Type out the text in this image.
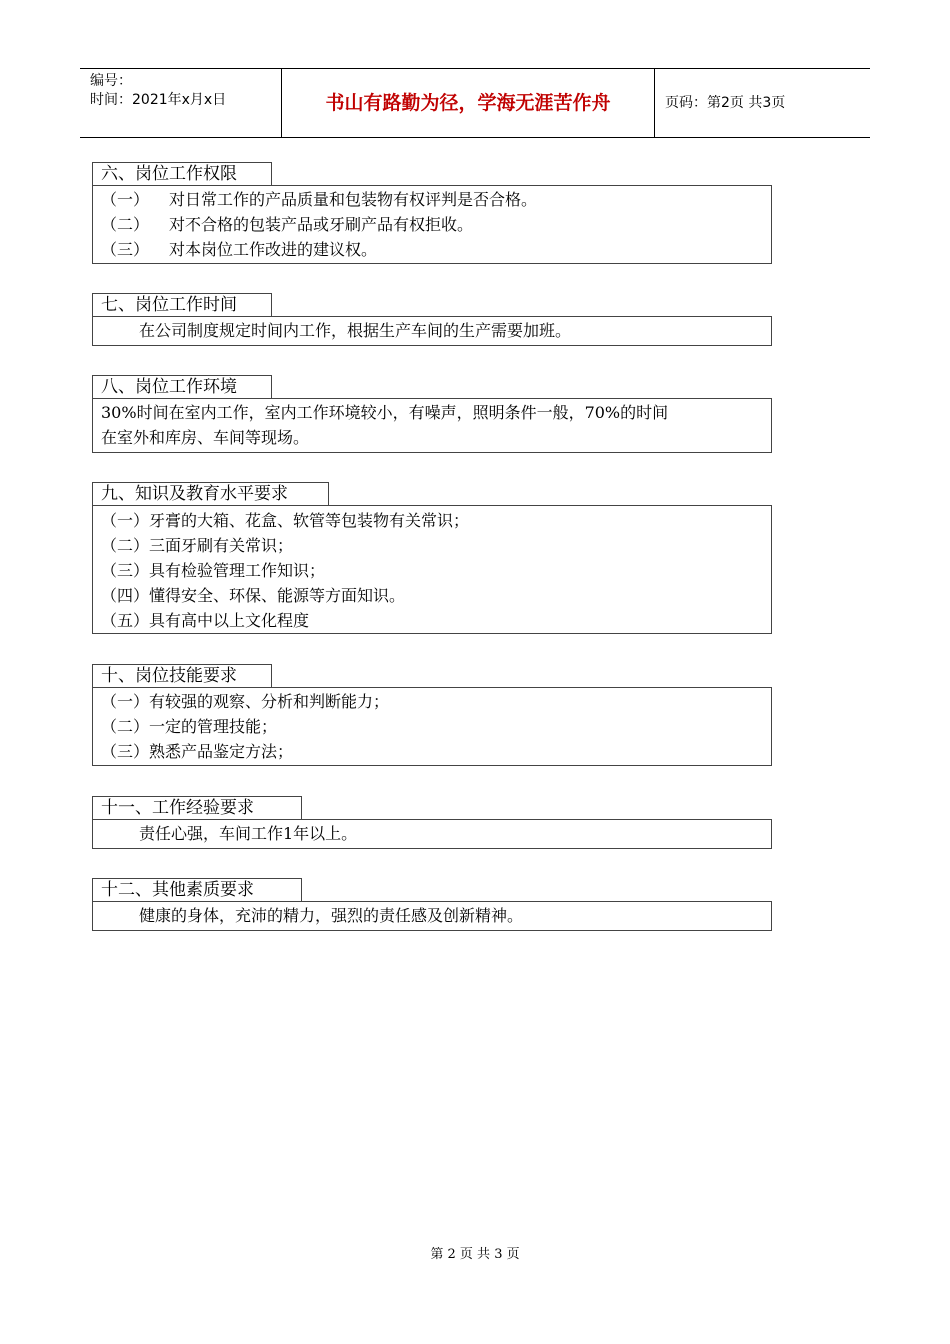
编号：
时间：2021年x月x日	书山有路勤为径，学海无涯苦作舟	页码：第2页 共3页
六、岗位工作权限
（一） 对日常工作的产品质量和包装物有权评判是否合格。
（二） 对不合格的包装产品或牙刷产品有权拒收。
（三） 对本岗位工作改进的建议权。
七、岗位工作时间
在公司制度规定时间内工作，根据生产车间的生产需要加班。
八、岗位工作环境
30%时间在室内工作，室内工作环境较小，有噪声，照明条件一般，70%的时间
在室外和库房、车间等现场。
九、知识及教育水平要求
（一）牙膏的大箱、花盒、软管等包装物有关常识；
（二）三面牙刷有关常识；
（三）具有检验管理工作知识；
（四）懂得安全、环保、能源等方面知识。
（五）具有高中以上文化程度
十、岗位技能要求
（一）有较强的观察、分析和判断能力；
（二）一定的管理技能；
（三）熟悉产品鉴定方法；
十一、工作经验要求
责任心强，车间工作1年以上。
十二、其他素质要求
健康的身体，充沛的精力，强烈的责任感及创新精神。
第 2 页 共 3 页
